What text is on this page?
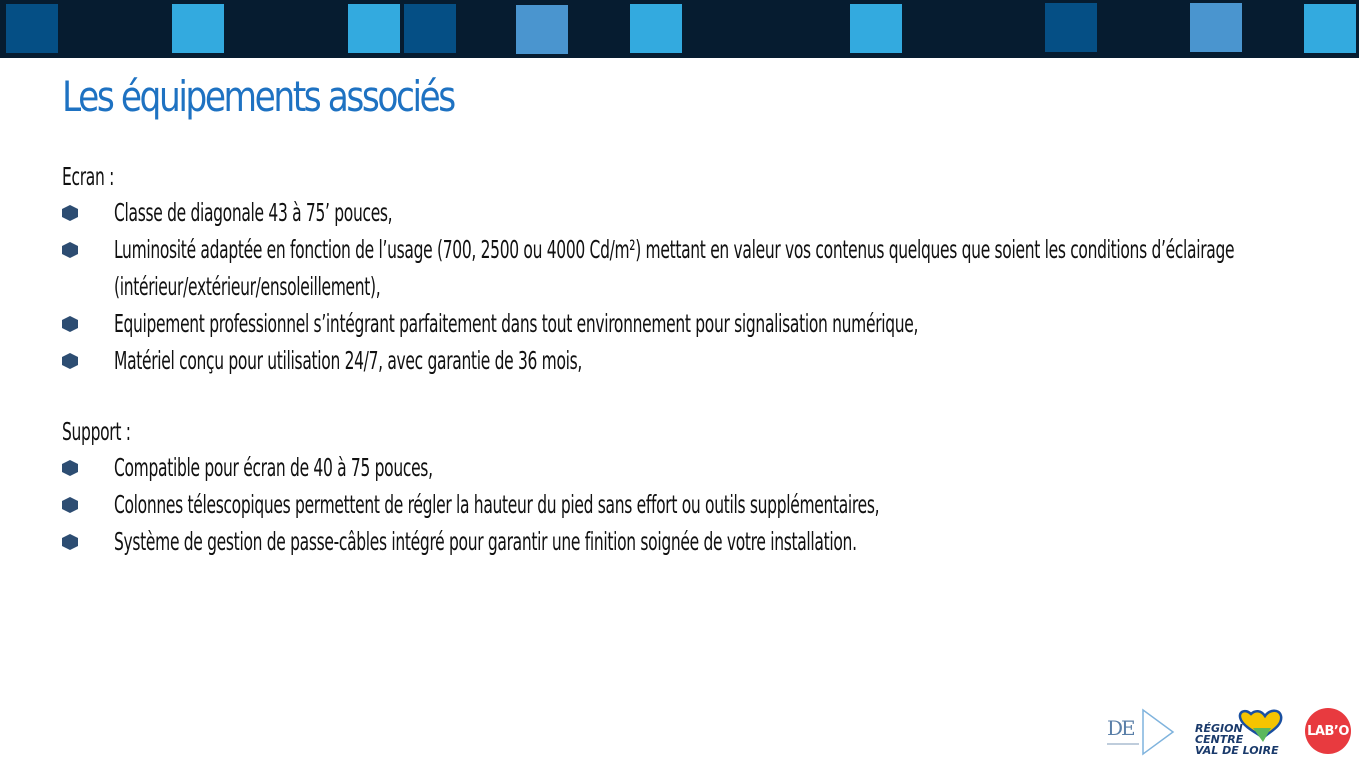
Les équipements associés
Ecran :
Classe de diagonale 43 à 75’ pouces,
Luminosité adaptée en fonction de l’usage (700, 2500 ou 4000 Cd/m²) mettant en valeur vos contenus quelques que soient les conditions d’éclairage (intérieur/extérieur/ensoleillement),
Equipement professionnel s’intégrant parfaitement dans tout environnement pour signalisation numérique,
Matériel conçu pour utilisation 24/7, avec garantie de 36 mois,
Support :
Compatible pour écran de 40 à 75 pouces,
Colonnes télescopiques permettent de régler la hauteur du pied sans effort ou outils supplémentaires,
Système de gestion de passe-câbles intégré pour garantir une finition soignée de votre installation.
DE	RÉGION
CENTRE
VAL DE LOIRE
LAB’O
